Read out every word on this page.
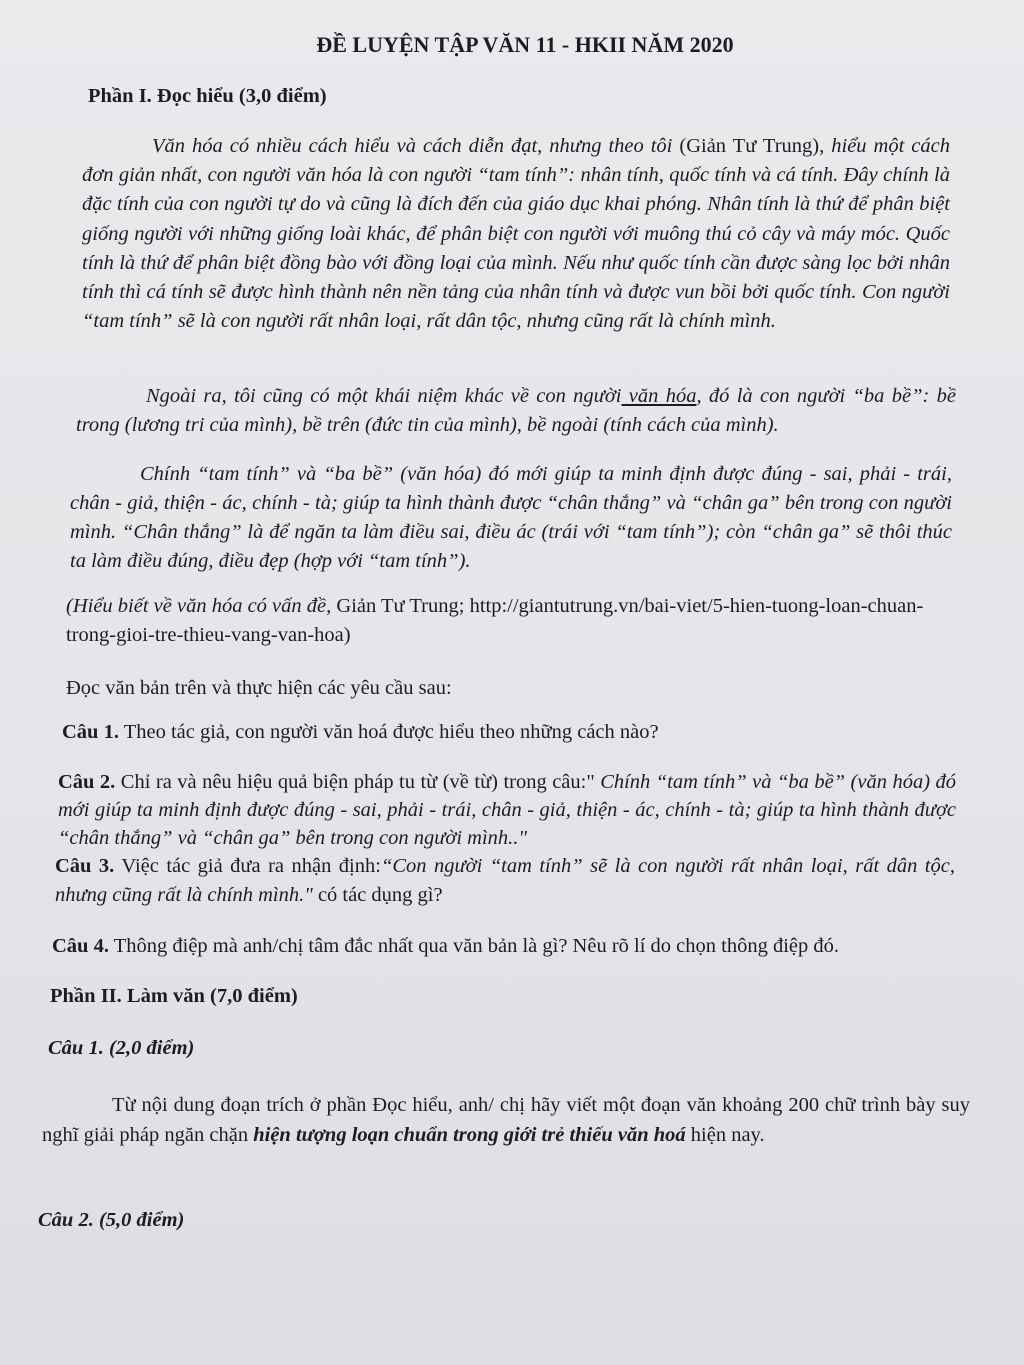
ĐỀ LUYỆN TẬP VĂN 11 - HKII NĂM 2020
Phần I. Đọc hiểu (3,0 điểm)
Văn hóa có nhiều cách hiểu và cách diễn đạt, nhưng theo tôi (Giản Tư Trung), hiểu một cách đơn giản nhất, con người văn hóa là con người “tam tính”: nhân tính, quốc tính và cá tính. Đây chính là đặc tính của con người tự do và cũng là đích đến của giáo dục khai phóng. Nhân tính là thứ để phân biệt giống người với những giống loài khác, để phân biệt con người với muông thú cỏ cây và máy móc. Quốc tính là thứ để phân biệt đồng bào với đồng loại của mình. Nếu như quốc tính cần được sàng lọc bởi nhân tính thì cá tính sẽ được hình thành nên nền tảng của nhân tính và được vun bồi bởi quốc tính. Con người “tam tính” sẽ là con người rất nhân loại, rất dân tộc, nhưng cũng rất là chính mình.
Ngoài ra, tôi cũng có một khái niệm khác về con người văn hóa, đó là con người “ba bề”: bề trong (lương tri của mình), bề trên (đức tin của mình), bề ngoài (tính cách của mình).
Chính “tam tính” và “ba bề” (văn hóa) đó mới giúp ta minh định được đúng - sai, phải - trái, chân - giả, thiện - ác, chính - tà; giúp ta hình thành được “chân thắng” và “chân ga” bên trong con người mình. “Chân thắng” là để ngăn ta làm điều sai, điều ác (trái với “tam tính”); còn “chân ga” sẽ thôi thúc ta làm điều đúng, điều đẹp (hợp với “tam tính”).
(Hiểu biết về văn hóa có vấn đề, Giản Tư Trung; http://giantutrung.vn/bai-viet/5-hien-tuong-loan-chuan-trong-gioi-tre-thieu-vang-van-hoa)
Đọc văn bản trên và thực hiện các yêu cầu sau:
Câu 1. Theo tác giả, con người văn hoá được hiểu theo những cách nào?
Câu 2. Chỉ ra và nêu hiệu quả biện pháp tu từ (về từ) trong câu:" Chính “tam tính” và “ba bề” (văn hóa) đó mới giúp ta minh định được đúng - sai, phải - trái, chân - giả, thiện - ác, chính - tà; giúp ta hình thành được “chân thắng” và “chân ga” bên trong con người mình.."
Câu 3. Việc tác giả đưa ra nhận định:“Con người “tam tính” sẽ là con người rất nhân loại, rất dân tộc, nhưng cũng rất là chính mình." có tác dụng gì?
Câu 4. Thông điệp mà anh/chị tâm đắc nhất qua văn bản là gì? Nêu rõ lí do chọn thông điệp đó.
Phần II. Làm văn (7,0 điểm)
Câu 1. (2,0 điểm)
Từ nội dung đoạn trích ở phần Đọc hiểu, anh/ chị hãy viết một đoạn văn khoảng 200 chữ trình bày suy nghĩ giải pháp ngăn chặn hiện tượng loạn chuẩn trong giới trẻ thiếu văn hoá hiện nay.
Câu 2. (5,0 điểm)
